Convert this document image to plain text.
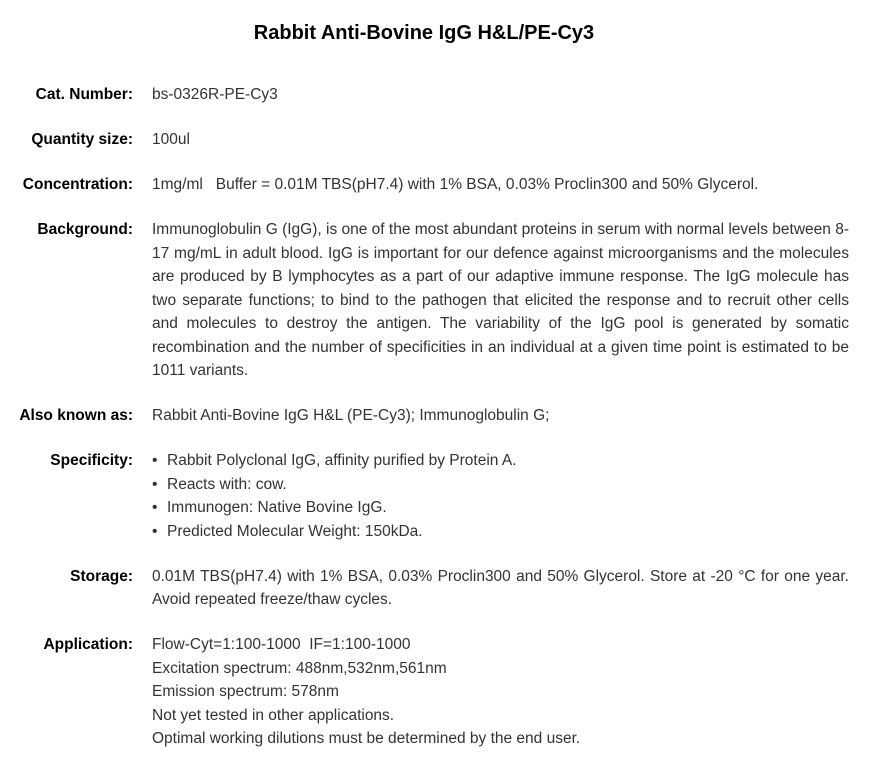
Rabbit Anti-Bovine IgG H&L/PE-Cy3
Cat. Number: bs-0326R-PE-Cy3
Quantity size: 100ul
Concentration: 1mg/ml   Buffer = 0.01M TBS(pH7.4) with 1% BSA, 0.03% Proclin300 and 50% Glycerol.
Background: Immunoglobulin G (IgG), is one of the most abundant proteins in serum with normal levels between 8-17 mg/mL in adult blood. IgG is important for our defence against microorganisms and the molecules are produced by B lymphocytes as a part of our adaptive immune response. The IgG molecule has two separate functions; to bind to the pathogen that elicited the response and to recruit other cells and molecules to destroy the antigen. The variability of the IgG pool is generated by somatic recombination and the number of specificities in an individual at a given time point is estimated to be 1011 variants.
Also known as: Rabbit Anti-Bovine IgG H&L (PE-Cy3); Immunoglobulin G;
Specificity: • Rabbit Polyclonal IgG, affinity purified by Protein A.
• Reacts with: cow.
• Immunogen: Native Bovine IgG.
• Predicted Molecular Weight: 150kDa.
Storage: 0.01M TBS(pH7.4) with 1% BSA, 0.03% Proclin300 and 50% Glycerol. Store at -20 °C for one year. Avoid repeated freeze/thaw cycles.
Application: Flow-Cyt=1:100-1000  IF=1:100-1000
Excitation spectrum: 488nm,532nm,561nm
Emission spectrum: 578nm
Not yet tested in other applications.
Optimal working dilutions must be determined by the end user.
